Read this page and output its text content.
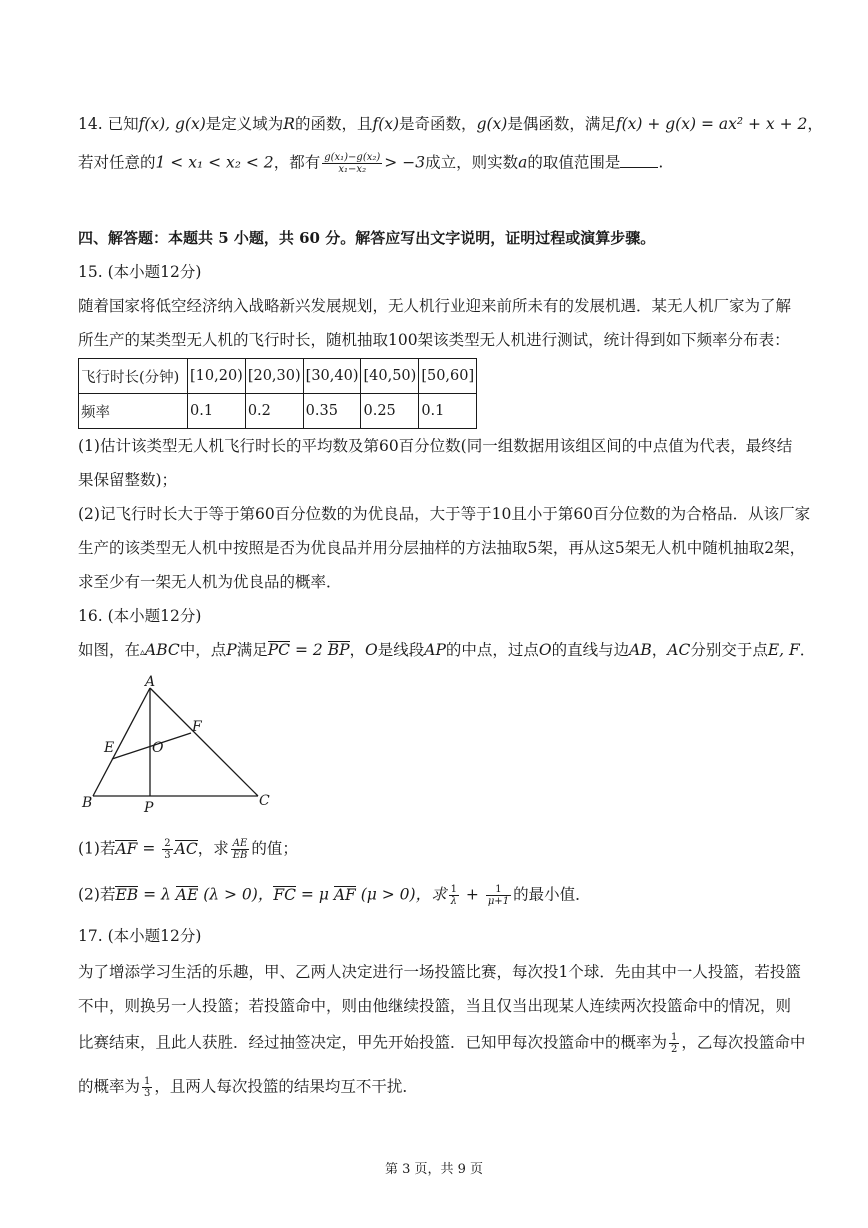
14. 已知f(x), g(x)是定义域为R的函数，且f(x)是奇函数，g(x)是偶函数，满足f(x) + g(x) = ax² + x + 2，
若对任意的1 < x₁ < x₂ < 2，都有 $\frac{\text{g(x₁)−g(x₂)}}{\text{x₁−x₂}} > -3$成立，则实数a的取值范围是 .
四、解答题：本题共 5 小题，共 60 分。解答应写出文字说明，证明过程或演算步骤。
15. (本小题12分)
随着国家将低空经济纳入战略新兴发展规划，无人机行业迎来前所未有的发展机遇．某无人机厂家为了解
所生产的某类型无人机的飞行时长，随机抽取100架该类型无人机进行测试，统计得到如下频率分布表：
飞行时长(分钟)	[10,20)	[20,30)	[30,40)	[40,50)	[50,60]
频率	0.1	0.2	0.35	0.25	0.1
(1)估计该类型无人机飞行时长的平均数及第60百分位数(同一组数据用该组区间的中点值为代表，最终结
果保留整数)；
(2)记飞行时长大于等于第60百分位数的为优良品，大于等于10且小于第60百分位数的为合格品．从该厂家
生产的该类型无人机中按照是否为优良品并用分层抽样的方法抽取5架，再从这5架无人机中随机抽取2架，
求至少有一架无人机为优良品的概率．
16. (本小题12分)
如图，在▵ABC中，点P满足PC = 2 BP，O是线段AP的中点，过点O的直线与边AB，AC分别交于点E, F．
A
B	C
E
F
O
P
(1)若AF = $\frac{2}{3}$ AC，求 $\frac{AE}{EB}$ 的值；
(2)若EB = λ AE (λ > 0)，FC = μ AF (μ > 0)，求 $\frac{1}{\lambda} + \frac{1}{\mu+1}$ 的最小值．
17. (本小题12分)
为了增添学习生活的乐趣，甲、乙两人决定进行一场投篮比赛，每次投1个球．先由其中一人投篮，若投篮
不中，则换另一人投篮；若投篮命中，则由他继续投篮，当且仅当出现某人连续两次投篮命中的情况，则
比赛结束，且此人获胜．经过抽签决定，甲先开始投篮．已知甲每次投篮命中的概率为 $\frac{1}{2}$ ，乙每次投篮命中
的概率为 $\frac{1}{3}$ ，且两人每次投篮的结果均互不干扰．
第 3 页，共 9 页
